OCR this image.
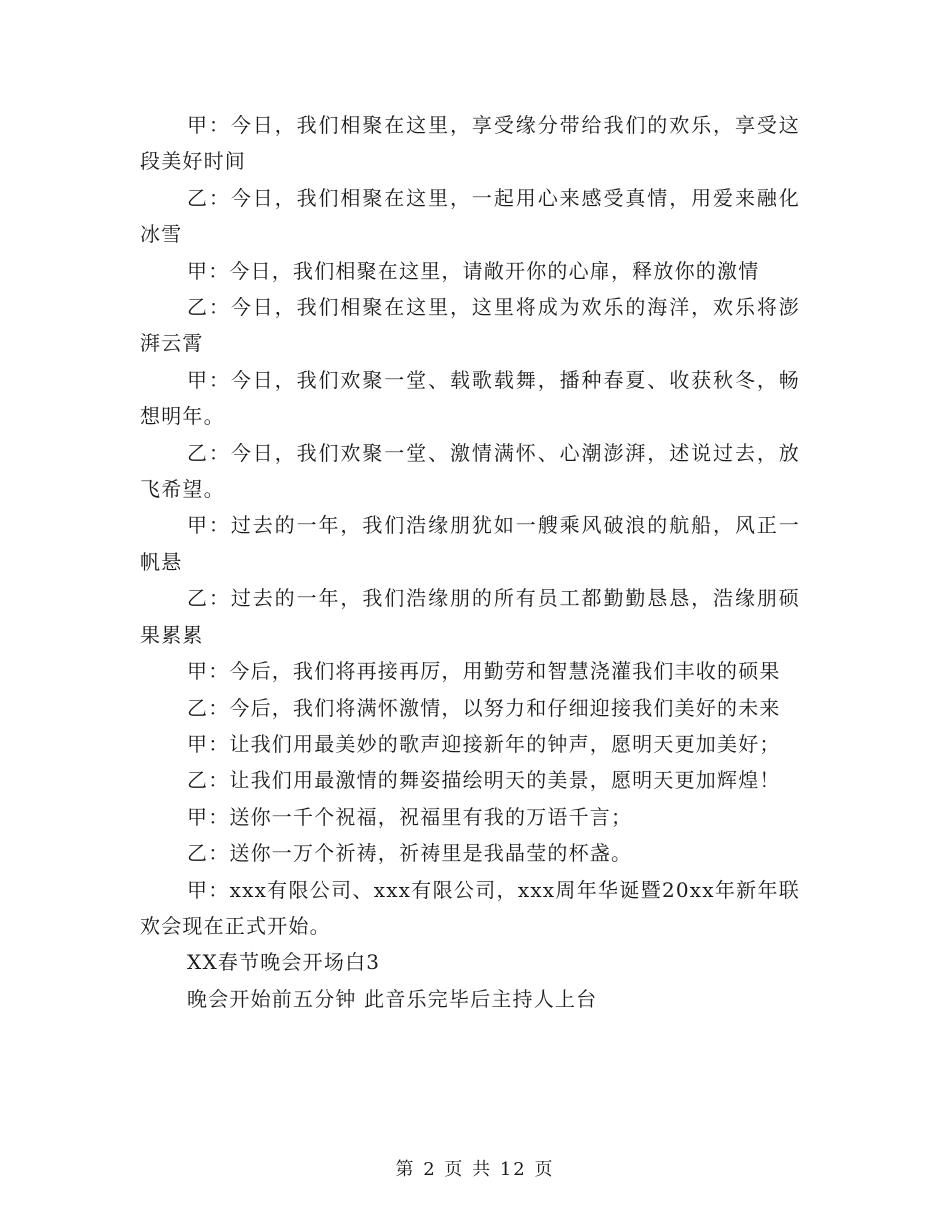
甲：今日，我们相聚在这里，享受缘分带给我们的欢乐，享受这段美好时间

乙：今日，我们相聚在这里，一起用心来感受真情，用爱来融化冰雪

甲：今日，我们相聚在这里，请敞开你的心扉，释放你的激情

乙：今日，我们相聚在这里，这里将成为欢乐的海洋，欢乐将澎湃云霄

甲：今日，我们欢聚一堂、载歌载舞，播种春夏、收获秋冬，畅想明年。

乙：今日，我们欢聚一堂、激情满怀、心潮澎湃，述说过去，放飞希望。

甲：过去的一年，我们浩缘朋犹如一艘乘风破浪的航船，风正一帆悬

乙：过去的一年，我们浩缘朋的所有员工都勤勤恳恳，浩缘朋硕果累累

甲：今后，我们将再接再厉，用勤劳和智慧浇灌我们丰收的硕果

乙：今后，我们将满怀激情，以努力和仔细迎接我们美好的未来

甲：让我们用最美妙的歌声迎接新年的钟声，愿明天更加美好；

乙：让我们用最激情的舞姿描绘明天的美景，愿明天更加辉煌！

甲：送你一千个祝福，祝福里有我的万语千言；

乙：送你一万个祈祷，祈祷里是我晶莹的杯盏。

甲：xxx有限公司、xxx有限公司，xxx周年华诞暨20xx年新年联欢会现在正式开始。

XX春节晚会开场白3

晚会开始前五分钟 此音乐完毕后主持人上台

第 2 页 共 12 页
